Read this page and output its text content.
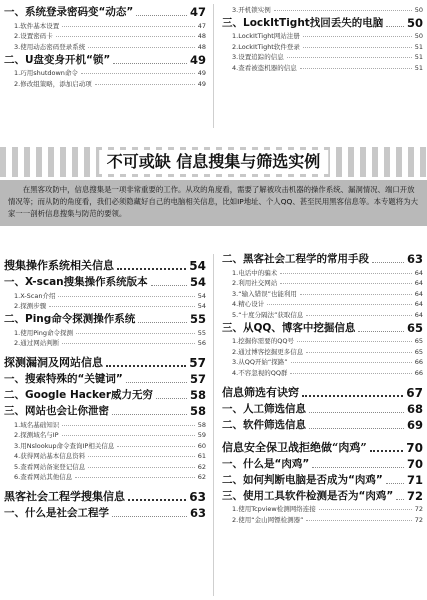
一、系统登录密码变“动态”	47
1.软件基本设置	47
2.设置密码卡	48
3.使用动态密码登录系统	48
二、U盘变身开机“锁”	49
1.巧用shutdown命令	49
2.修改组策略，添加启动项	49
3.开机锁实例	50
三、LockItTight找回丢失的电脑 50
1.LockItTight网站注册	50
2.LockItTight软件登录	51
3.设置追踪的信息	51
4.查看被盗机器的信息	51
不可或缺 信息搜集与筛选实例
在黑客攻防中，信息搜集是一项非常重要的工作。从攻的角度看，需要了解被攻击机器的操作系统、漏洞情况、端口开放情况等；而从防的角度看，我们必须隐藏好自己的电脑相关信息，比如IP地址、个人QQ、甚至民用黑客信息等。本专题将为大家一一剖析信息搜集与防范的要领。
搜集操作系统相关信息	54
一、X-scan搜集操作系统版本	54
1.X-Scan介绍	54
2.探测步骤	54
二、Ping命令探测操作系统	55
1.使用Ping命令探测	55
2.通过网站判断	56
探测漏洞及网站信息	57
一、搜索特殊的“关键词”	57
二、Google Hacker威力无穷	58
三、网站也会让你泄密	58
1.域名基础知识	58
2.探测域名与IP	59
3.用Nslookup命令查询IP相关信息	60
4.获得网站基本信息资料	61
5.查看网站备案登记信息	62
6.查看网站其他信息	62
黑客社会工程学搜集信息	63
一、什么是社会工程学	63
二、黑客社会工程学的常用手段	63
1.电话中的骗术	64
2.利用社交网站	64
3.“输入错误”也能利用	64
4.精心设计	64
5.“十度分隔法”获取信息	64
三、从QQ、博客中挖掘信息	65
1.挖掘你需要的QQ号	65
2.通过博客挖掘更多信息	65
3.从QQ开始“探路”	66
4.不容忽视的QQ群	66
信息筛选有诀窍	67
一、人工筛选信息	68
二、软件筛选信息	69
信息安全保卫战拒绝做“肉鸡”	70
一、什么是“肉鸡”	70
二、如何判断电脑是否成为“肉鸡” 71
三、使用工具软件检测是否为“肉鸡” 72
1.使用Tcpview检测网络连接	72
2.使用“金山网镖检测器”	72
